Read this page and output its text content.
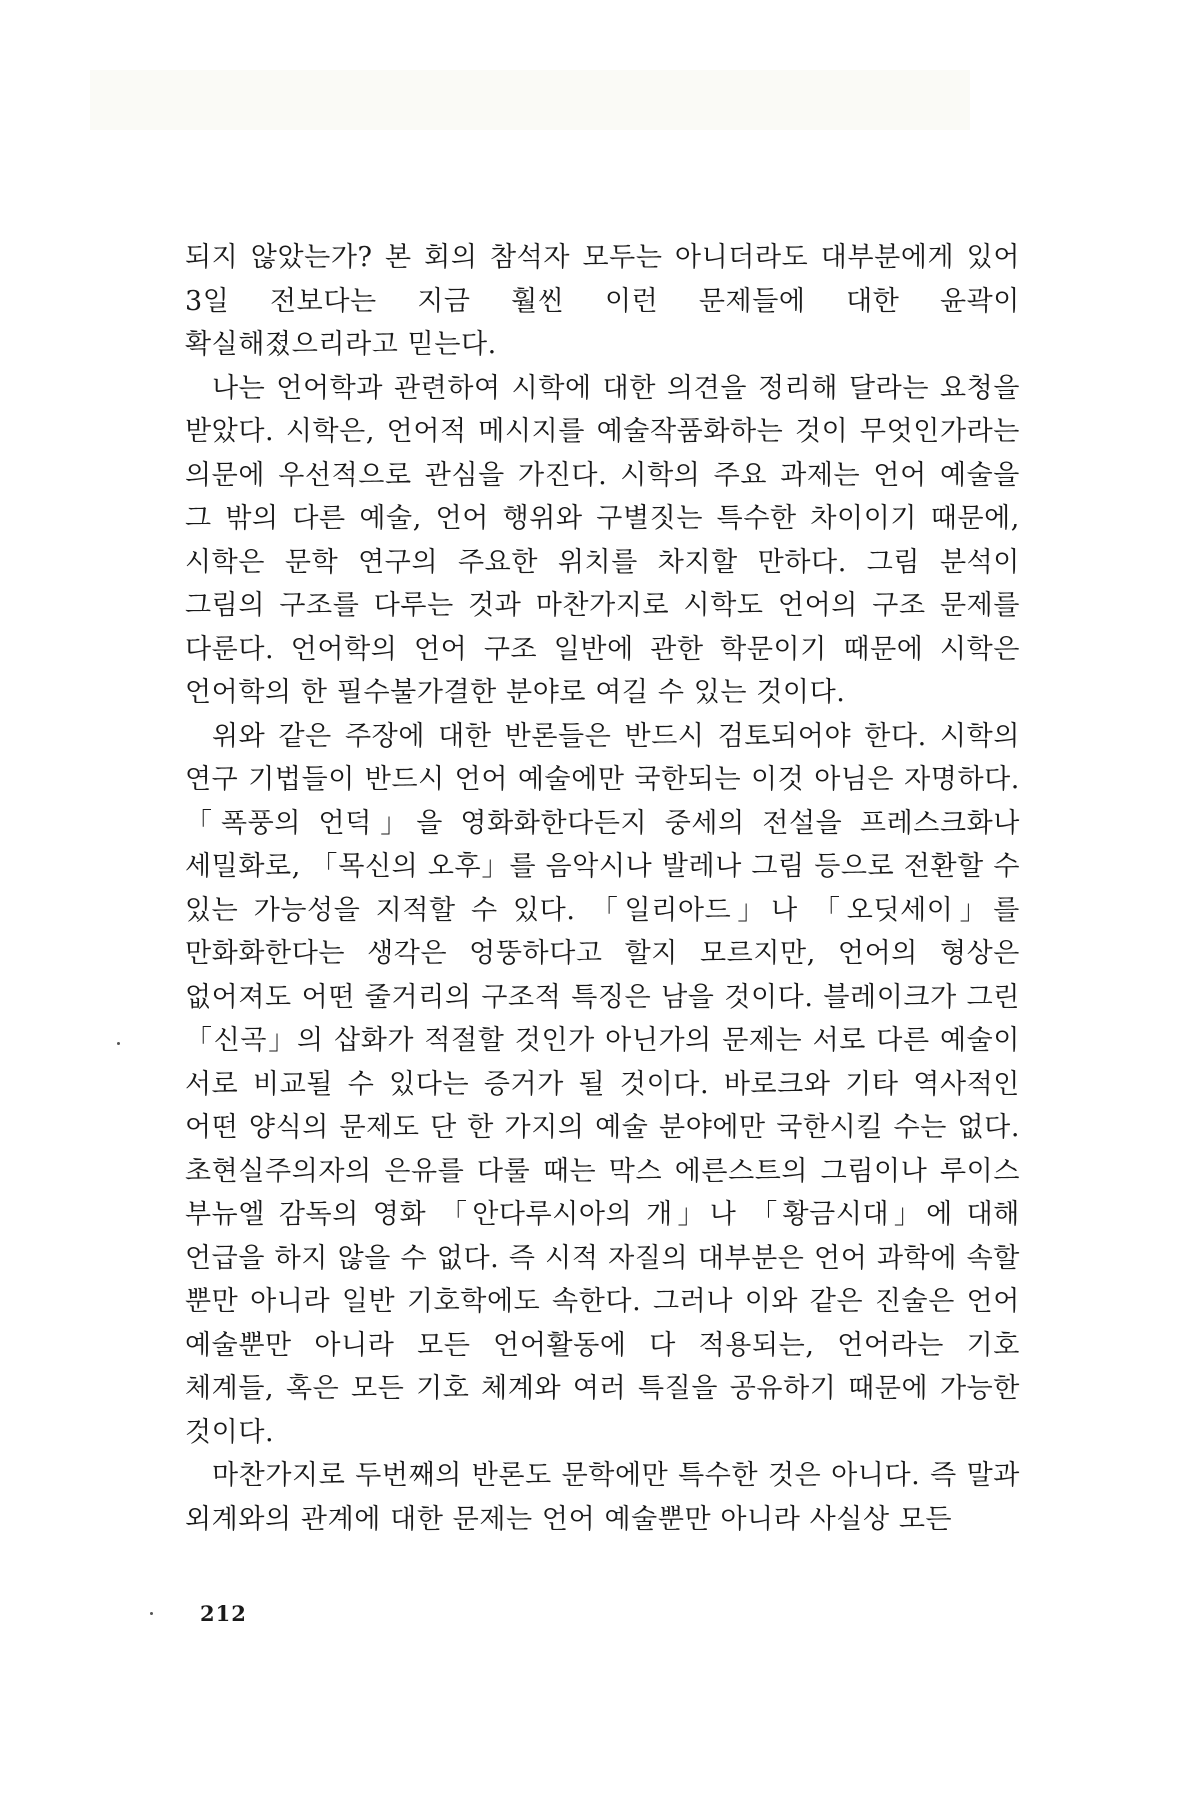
되지 않았는가? 본 회의 참석자 모두는 아니더라도 대부분에게 있어 3일 전보다는 지금 훨씬 이런 문제들에 대한 윤곽이 확실해졌으리라고 믿는다.

나는 언어학과 관련하여 시학에 대한 의견을 정리해 달라는 요청을 받았다. 시학은, 언어적 메시지를 예술작품화하는 것이 무엇인가라는 의문에 우선적으로 관심을 가진다. 시학의 주요 과제는 언어 예술을 그 밖의 다른 예술, 언어 행위와 구별짓는 특수한 차이이기 때문에, 시학은 문학 연구의 주요한 위치를 차지할 만하다. 그림 분석이 그림의 구조를 다루는 것과 마찬가지로 시학도 언어의 구조 문제를 다룬다. 언어학의 언어 구조 일반에 관한 학문이기 때문에 시학은 언어학의 한 필수불가결한 분야로 여길 수 있는 것이다.

위와 같은 주장에 대한 반론들은 반드시 검토되어야 한다. 시학의 연구 기법들이 반드시 언어 예술에만 국한되는 이것 아님은 자명하다. 「폭풍의 언덕」을 영화화한다든지 중세의 전설을 프레스크화나 세밀화로, 「목신의 오후」를 음악시나 발레나 그림 등으로 전환할 수 있는 가능성을 지적할 수 있다. 「일리아드」나 「오딧세이」를 만화화한다는 생각은 엉뚱하다고 할지 모르지만, 언어의 형상은 없어져도 어떤 줄거리의 구조적 특징은 남을 것이다. 블레이크가 그린 「신곡」의 삽화가 적절할 것인가 아닌가의 문제는 서로 다른 예술이 서로 비교될 수 있다는 증거가 될 것이다. 바로크와 기타 역사적인 어떤 양식의 문제도 단 한 가지의 예술 분야에만 국한시킬 수는 없다. 초현실주의자의 은유를 다룰 때는 막스 에른스트의 그림이나 루이스 부뉴엘 감독의 영화 「안다루시아의 개」나 「황금시대」에 대해 언급을 하지 않을 수 없다. 즉 시적 자질의 대부분은 언어 과학에 속할 뿐만 아니라 일반 기호학에도 속한다. 그러나 이와 같은 진술은 언어 예술뿐만 아니라 모든 언어활동에 다 적용되는, 언어라는 기호 체계들, 혹은 모든 기호 체계와 여러 특질을 공유하기 때문에 가능한 것이다.

마찬가지로 두번째의 반론도 문학에만 특수한 것은 아니다. 즉 말과 외계와의 관계에 대한 문제는 언어 예술뿐만 아니라 사실상 모든

212
